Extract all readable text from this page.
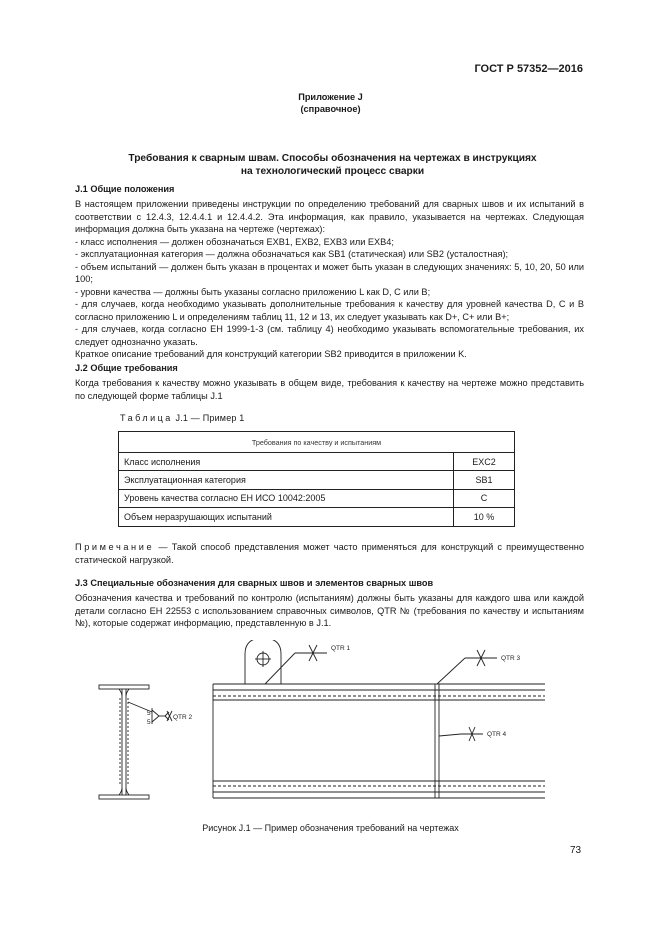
ГОСТ Р 57352—2016
Приложение J
(справочное)
Требования к сварным швам. Способы обозначения на чертежах в инструкциях
на технологический процесс сварки
J.1 Общие положения

В настоящем приложении приведены инструкции по определению требований для сварных швов и их испытаний в соответствии с 12.4.3, 12.4.4.1 и 12.4.4.2. Эта информация, как правило, указывается на чертежах. Следующая информация должна быть указана на чертеже (чертежах):

- класс исполнения — должен обозначаться EXB1, EXB2, EXB3 или EXB4;

- эксплуатационная категория — должна обозначаться как SB1 (статическая) или SB2 (усталостная);

- объем испытаний — должен быть указан в процентах и может быть указан в следующих значениях: 5, 10, 20, 50 или 100;

- уровни качества — должны быть указаны согласно приложению L как D, C или B;

- для случаев, когда необходимо указывать дополнительные требования к качеству для уровней качества D, C и B согласно приложению L и определениям таблиц 11, 12 и 13, их следует указывать как D+, C+ или B+;

- для случаев, когда согласно ЕН 1999-1-3 (см. таблицу 4) необходимо указывать вспомогательные требования, их следует однозначно указать.

Краткое описание требований для конструкций категории SB2 приводится в приложении K.

J.2 Общие требования

Когда требования к качеству можно указывать в общем виде, требования к качеству на чертеже можно представить по следующей форме таблицы J.1

Таблица J.1 — Пример 1
Требования по качеству и испытаниям	
Класс исполнения	EXC2
Эксплуатационная категория	SB1
Уровень качества согласно ЕН ИСО 10042:2005	C
Объем неразрушающих испытаний	10 %
Примечание — Такой способ представления может часто применяться для конструкций с преимущественно статической нагрузкой.
J.3 Специальные обозначения для сварных швов и элементов сварных швов

Обозначения качества и требований по контролю (испытаниям) должны быть указаны для каждого шва или каждой детали согласно ЕН 22553 с использованием справочных символов, QTR № (требования по качеству и испытаниям №), которые содержат информацию, представленную в J.1.

5
5
QTR 2
QTR 1
QTR 3
QTR 4
Рисунок J.1 — Пример обозначения требований на чертежах
73
